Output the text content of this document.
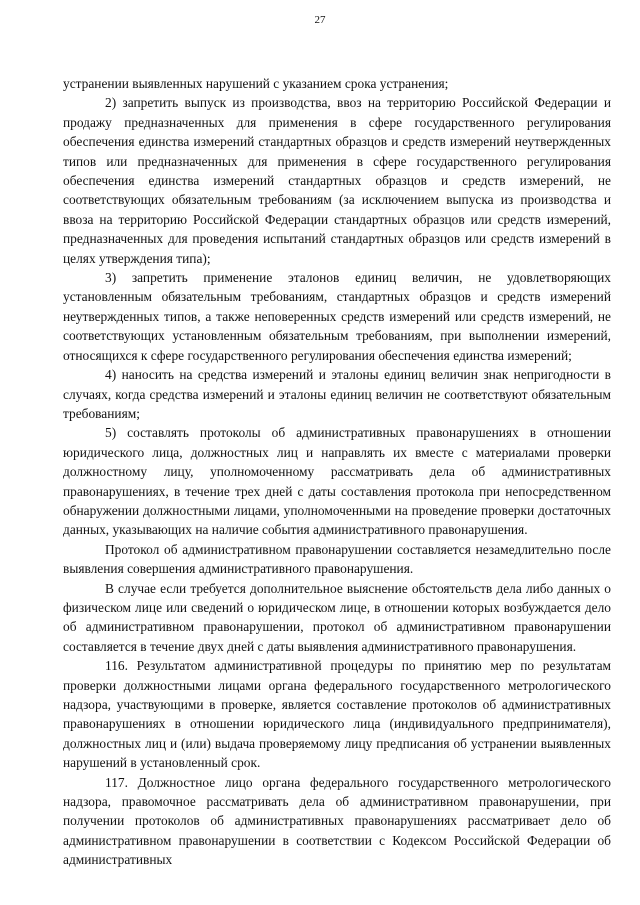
27

устранении выявленных нарушений с указанием срока устранения;

2) запретить выпуск из производства, ввоз на территорию Российской Федерации и продажу предназначенных для применения в сфере государственного регулирования обеспечения единства измерений стандартных образцов и средств измерений неутвержденных типов или предназначенных для применения в сфере государственного регулирования обеспечения единства измерений стандартных образцов и средств измерений, не соответствующих обязательным требованиям (за исключением выпуска из производства и ввоза на территорию Российской Федерации стандартных образцов или средств измерений, предназначенных для проведения испытаний стандартных образцов или средств измерений в целях утверждения типа);

3) запретить применение эталонов единиц величин, не удовлетворяющих установленным обязательным требованиям, стандартных образцов и средств измерений неутвержденных типов, а также неповеренных средств измерений или средств измерений, не соответствующих установленным обязательным требованиям, при выполнении измерений, относящихся к сфере государственного регулирования обеспечения единства измерений;

4) наносить на средства измерений и эталоны единиц величин знак непригодности в случаях, когда средства измерений и эталоны единиц величин не соответствуют обязательным требованиям;

5) составлять протоколы об административных правонарушениях в отношении юридического лица, должностных лиц и направлять их вместе с материалами проверки должностному лицу, уполномоченному рассматривать дела об административных правонарушениях, в течение трех дней с даты составления протокола при непосредственном обнаружении должностными лицами, уполномоченными на проведение проверки достаточных данных, указывающих на наличие события административного правонарушения.

Протокол об административном правонарушении составляется незамедлительно после выявления совершения административного правонарушения.

В случае если требуется дополнительное выяснение обстоятельств дела либо данных о физическом лице или сведений о юридическом лице, в отношении которых возбуждается дело об административном правонарушении, протокол об административном правонарушении составляется в течение двух дней с даты выявления административного правонарушения.

116. Результатом административной процедуры по принятию мер по результатам проверки должностными лицами органа федерального государственного метрологического надзора, участвующими в проверке, является составление протоколов об административных правонарушениях в отношении юридического лица (индивидуального предпринимателя), должностных лиц и (или) выдача проверяемому лицу предписания об устранении выявленных нарушений в установленный срок.

117. Должностное лицо органа федерального государственного метрологического надзора, правомочное рассматривать дела об административном правонарушении, при получении протоколов об административных правонарушениях рассматривает дело об административном правонарушении в соответствии с Кодексом Российской Федерации об административных
